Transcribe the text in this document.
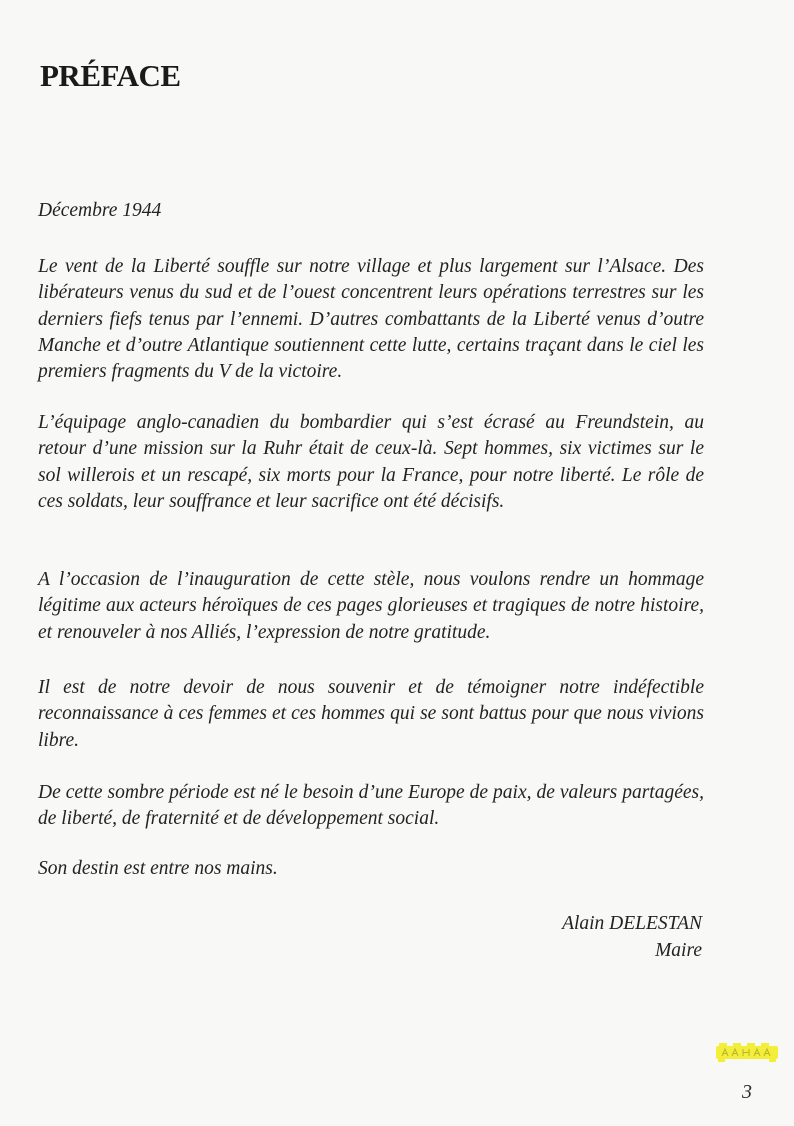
PRÉFACE

Décembre 1944

Le vent de la Liberté souffle sur notre village et plus largement sur l’Alsace. Des libérateurs venus du sud et de l’ouest concentrent leurs opérations terrestres sur les derniers fiefs tenus par l’ennemi. D’autres combattants de la Liberté venus d’outre Manche et d’outre Atlantique soutiennent cette lutte, certains traçant dans le ciel les premiers fragments du V de la victoire.

L’équipage anglo-canadien du bombardier qui s’est écrasé au Freundstein, au retour d’une mission sur la Ruhr était de ceux-là. Sept hommes, six victimes sur le sol willerois et un rescapé, six morts pour la France, pour notre liberté. Le rôle de ces soldats, leur souffrance et leur sacrifice ont été décisifs.

A l’occasion de l’inauguration de cette stèle, nous voulons rendre un hommage légitime aux acteurs héroïques de ces pages glorieuses et tragiques de notre histoire, et renouveler à nos Alliés, l’expression de notre gratitude.

Il est de notre devoir de nous souvenir et de témoigner notre indéfectible reconnaissance à ces femmes et ces hommes qui se sont battus pour que nous vivions libre.

De cette sombre période est né le besoin d’une Europe de paix, de valeurs partagées, de liberté, de fraternité et de développement social.

Son destin est entre nos mains.

Alain DELESTAN
Maire
3
